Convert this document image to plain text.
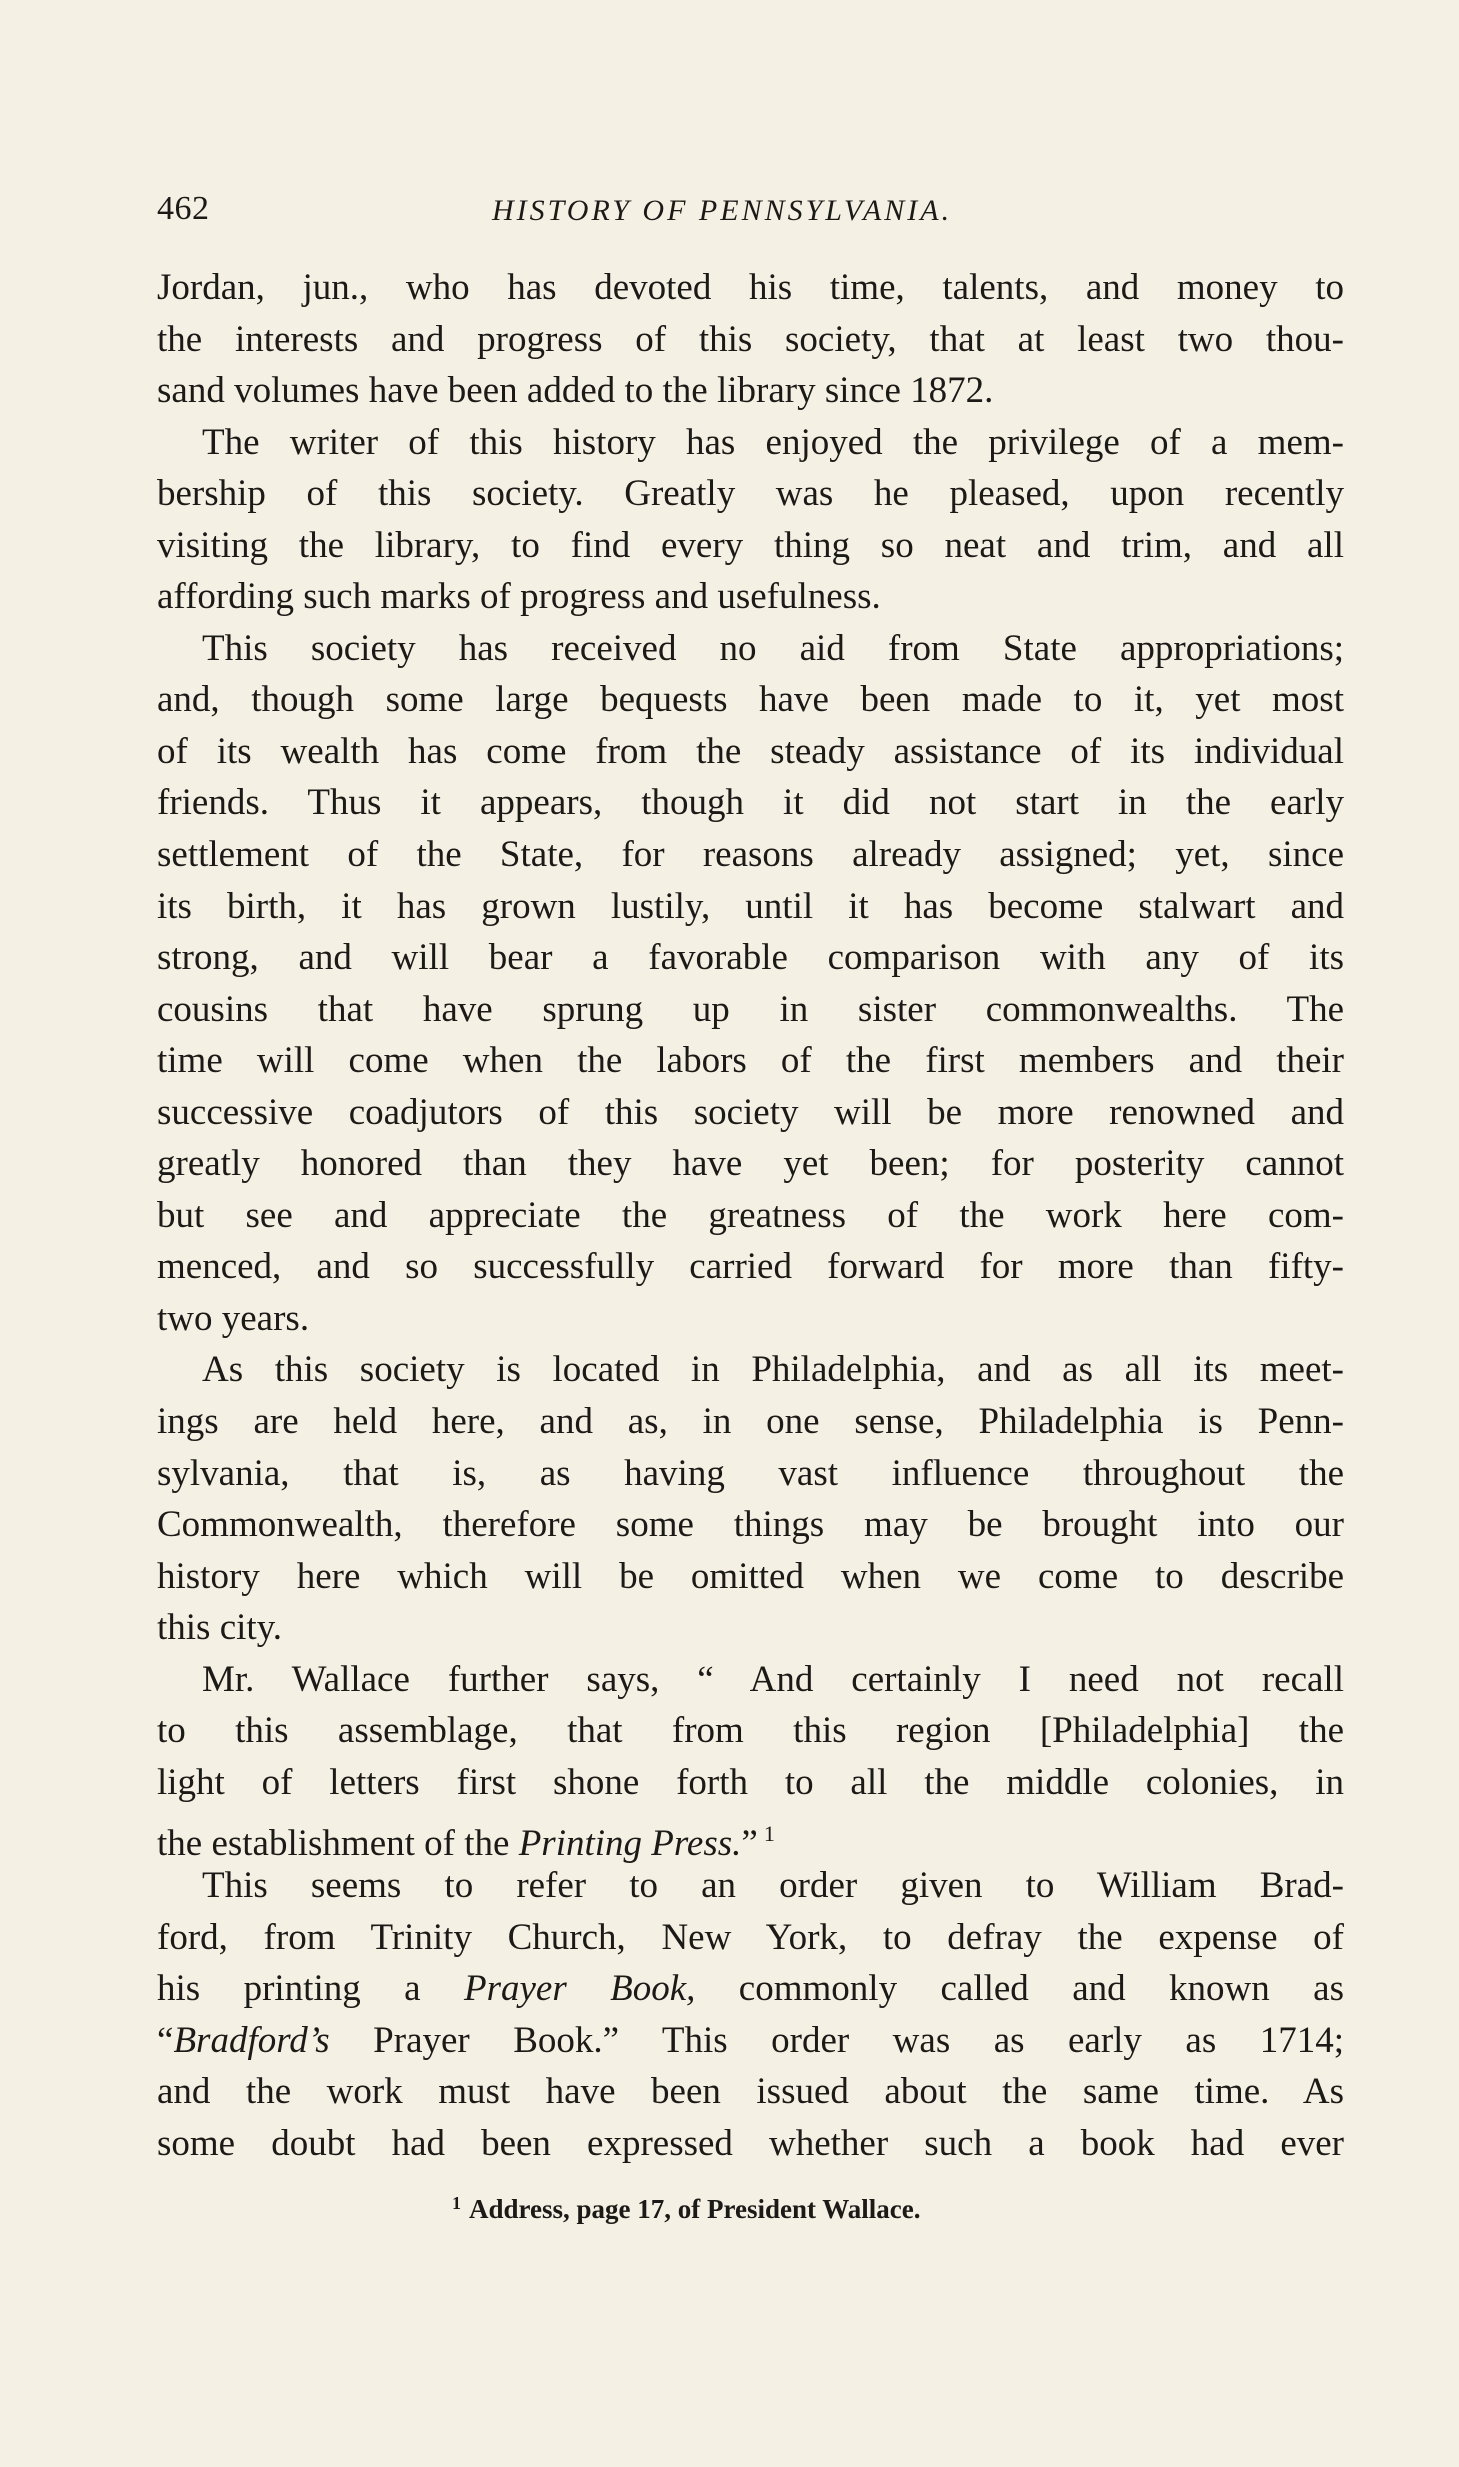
462	HISTORY OF PENNSYLVANIA.
Jordan, jun., who has devoted his time, talents, and money to
the interests and progress of this society, that at least two thou-
sand volumes have been added to the library since 1872.
The writer of this history has enjoyed the privilege of a mem-
bership of this society. Greatly was he pleased, upon recently
visiting the library, to find every thing so neat and trim, and all
affording such marks of progress and usefulness.
This society has received no aid from State appropriations;
and, though some large bequests have been made to it, yet most
of its wealth has come from the steady assistance of its individual
friends. Thus it appears, though it did not start in the early
settlement of the State, for reasons already assigned; yet, since
its birth, it has grown lustily, until it has become stalwart and
strong, and will bear a favorable comparison with any of its
cousins that have sprung up in sister commonwealths. The
time will come when the labors of the first members and their
successive coadjutors of this society will be more renowned and
greatly honored than they have yet been; for posterity cannot
but see and appreciate the greatness of the work here com-
menced, and so successfully carried forward for more than fifty-
two years.
As this society is located in Philadelphia, and as all its meet-
ings are held here, and as, in one sense, Philadelphia is Penn-
sylvania, that is, as having vast influence throughout the
Commonwealth, therefore some things may be brought into our
history here which will be omitted when we come to describe
this city.
Mr. Wallace further says, “ And certainly I need not recall
to this assemblage, that from this region [Philadelphia] the
light of letters first shone forth to all the middle colonies, in
the establishment of the Printing Press.” $^1$
This seems to refer to an order given to William Brad-
ford, from Trinity Church, New York, to defray the expense of
his printing a Prayer Book, commonly called and known as
“Bradford’s Prayer Book.” This order was as early as 1714;
and the work must have been issued about the same time. As
some doubt had been expressed whether such a book had ever
$^1$ Address, page 17, of President Wallace.
